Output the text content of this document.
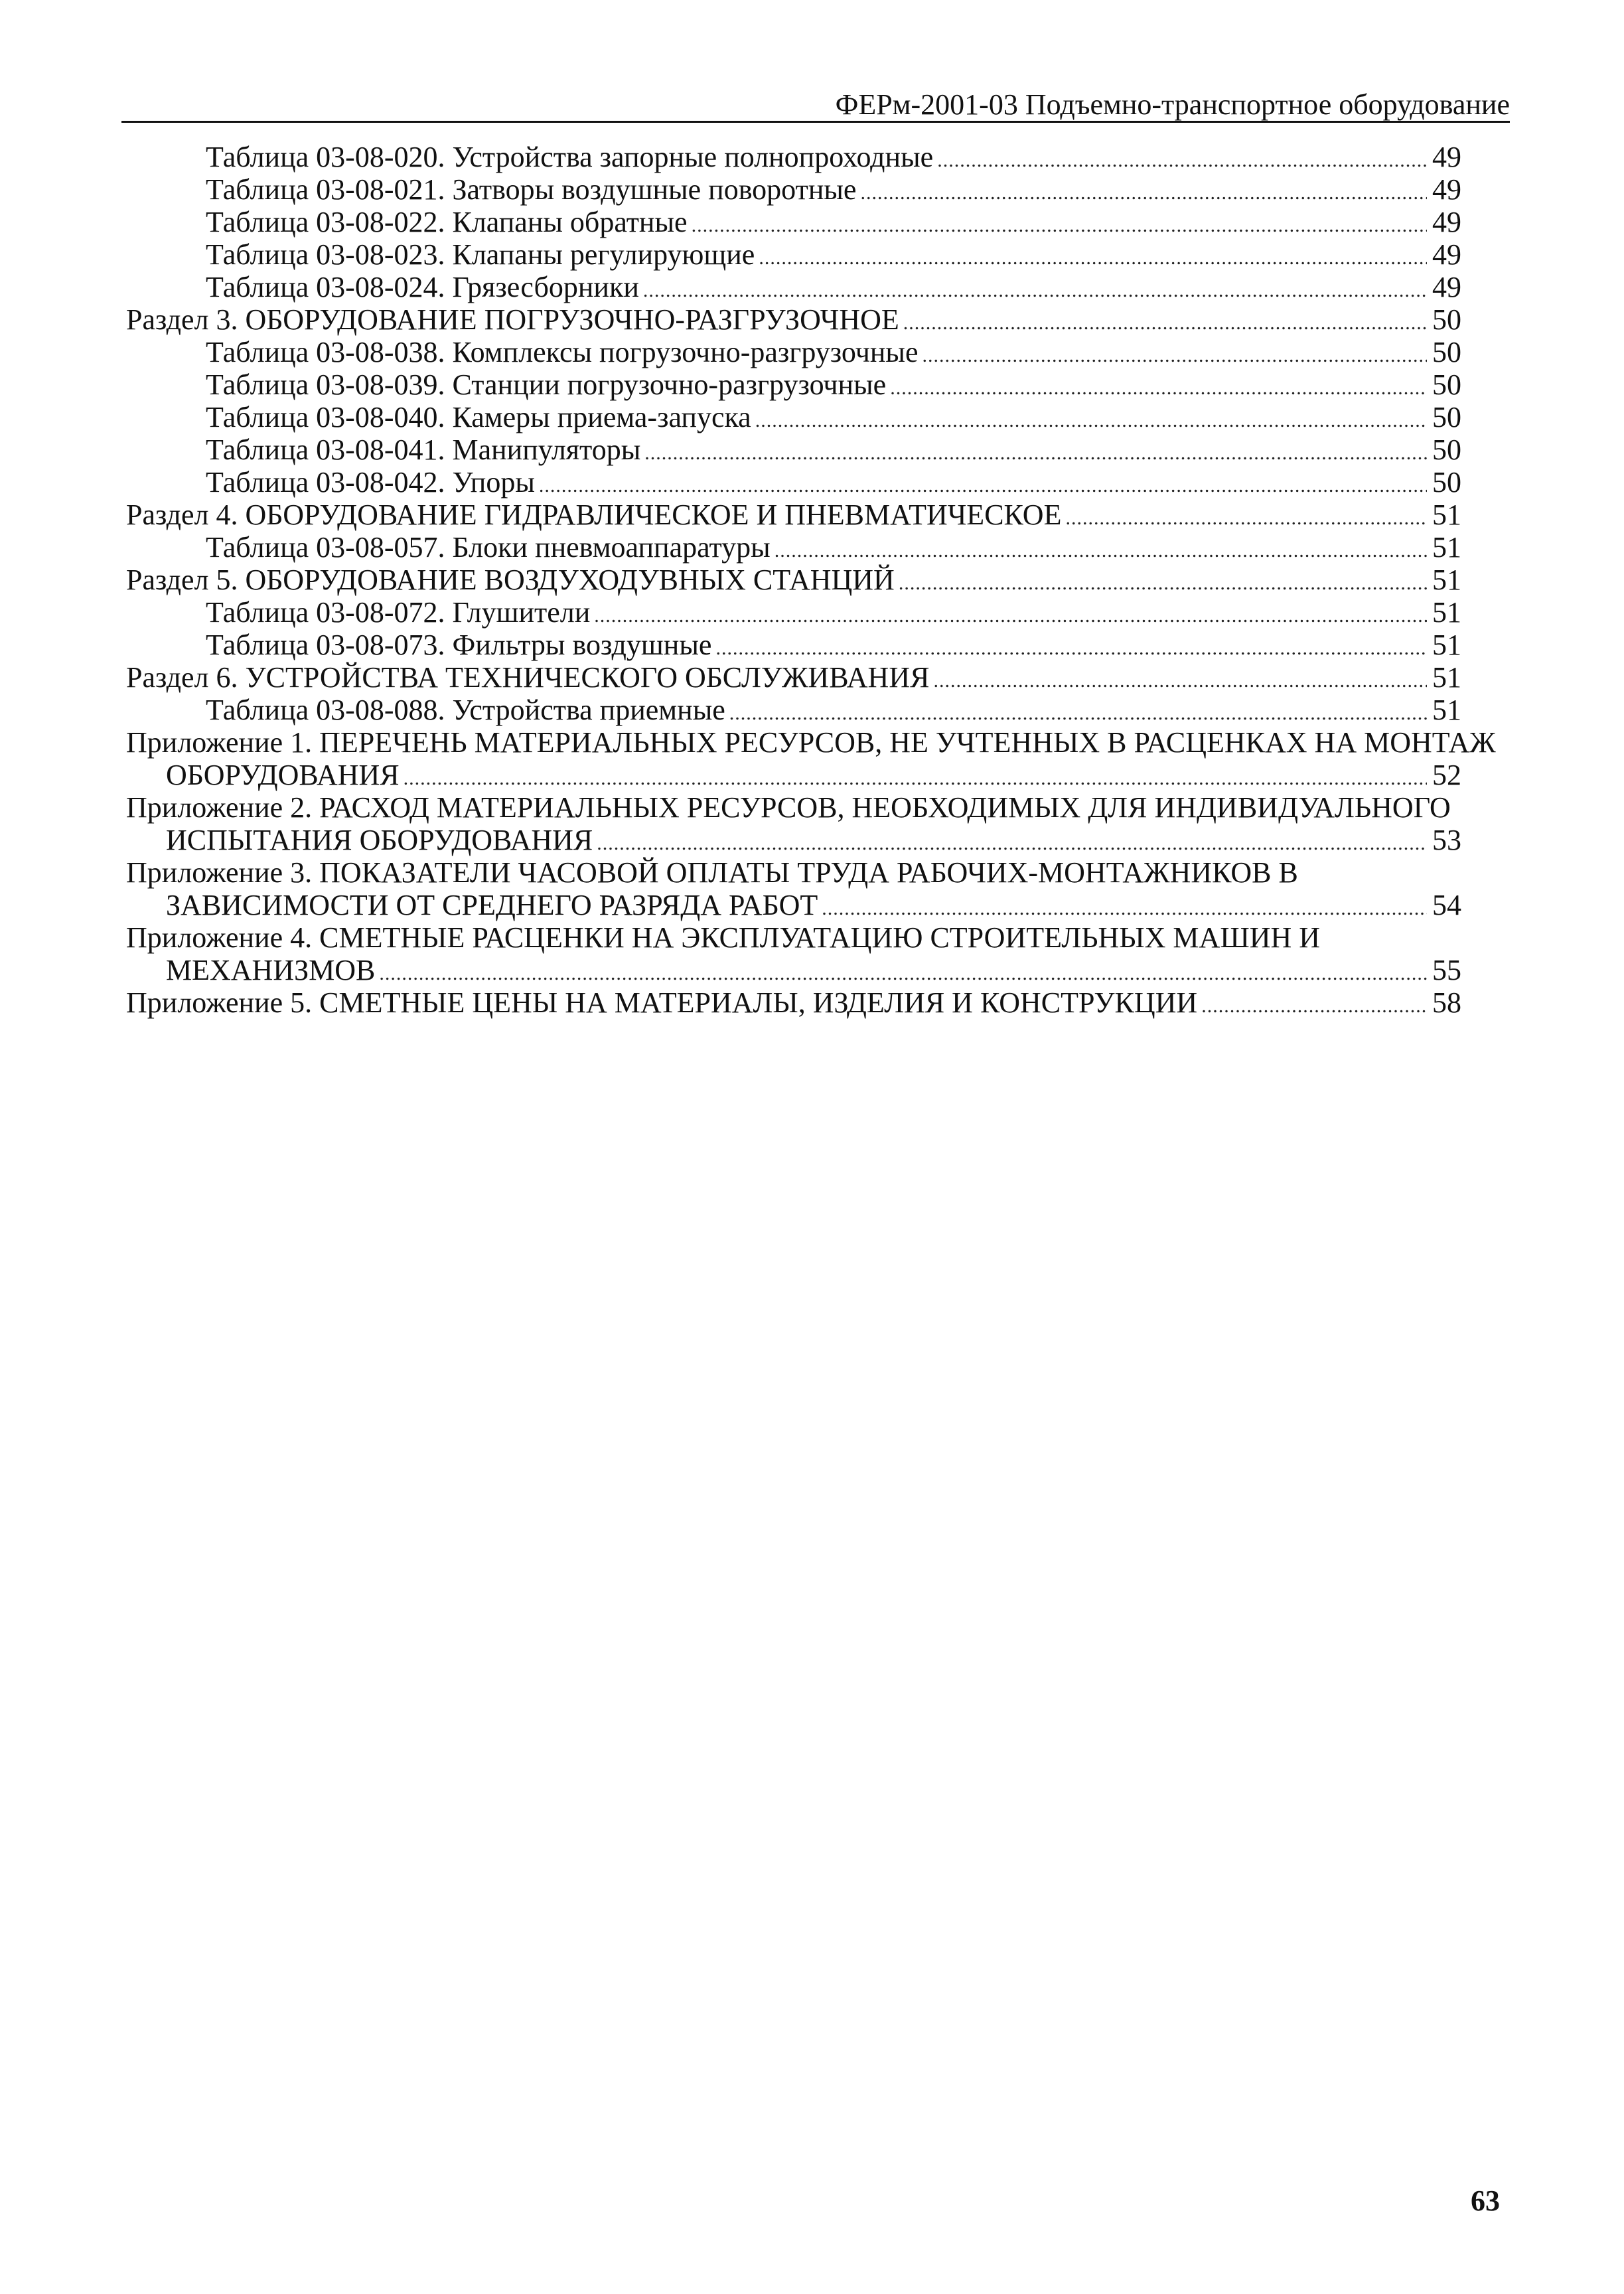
ФЕРм-2001-03 Подъемно-транспортное оборудование
Таблица 03-08-020. Устройства запорные полнопроходные .....	49
Таблица 03-08-021. Затворы воздушные поворотные .....	49
Таблица 03-08-022. Клапаны обратные .....	49
Таблица 03-08-023. Клапаны регулирующие .....	49
Таблица 03-08-024. Грязесборники .....	49
Раздел 3. ОБОРУДОВАНИЕ ПОГРУЗОЧНО-РАЗГРУЗОЧНОЕ .....	50
Таблица 03-08-038. Комплексы погрузочно-разгрузочные .....	50
Таблица 03-08-039. Станции погрузочно-разгрузочные .....	50
Таблица 03-08-040. Камеры приема-запуска .....	50
Таблица 03-08-041. Манипуляторы .....	50
Таблица 03-08-042. Упоры .....	50
Раздел 4. ОБОРУДОВАНИЕ ГИДРАВЛИЧЕСКОЕ И ПНЕВМАТИЧЕСКОЕ .....	51
Таблица 03-08-057. Блоки пневмоаппаратуры .....	51
Раздел 5. ОБОРУДОВАНИЕ ВОЗДУХОДУВНЫХ СТАНЦИЙ .....	51
Таблица 03-08-072. Глушители .....	51
Таблица 03-08-073. Фильтры воздушные .....	51
Раздел 6. УСТРОЙСТВА ТЕХНИЧЕСКОГО ОБСЛУЖИВАНИЯ .....	51
Таблица 03-08-088. Устройства приемные .....	51
Приложение 1. ПЕРЕЧЕНЬ МАТЕРИАЛЬНЫХ РЕСУРСОВ, НЕ УЧТЕННЫХ В РАСЦЕНКАХ НА МОНТАЖ
ОБОРУДОВАНИЯ .....	52
Приложение 2. РАСХОД МАТЕРИАЛЬНЫХ РЕСУРСОВ, НЕОБХОДИМЫХ ДЛЯ ИНДИВИДУАЛЬНОГО
ИСПЫТАНИЯ ОБОРУДОВАНИЯ .....	53
Приложение 3. ПОКАЗАТЕЛИ ЧАСОВОЙ ОПЛАТЫ ТРУДА РАБОЧИХ-МОНТАЖНИКОВ В
ЗАВИСИМОСТИ ОТ СРЕДНЕГО РАЗРЯДА РАБОТ .....	54
Приложение 4. СМЕТНЫЕ РАСЦЕНКИ НА ЭКСПЛУАТАЦИЮ СТРОИТЕЛЬНЫХ МАШИН И
МЕХАНИЗМОВ .....	55
Приложение 5. СМЕТНЫЕ ЦЕНЫ НА МАТЕРИАЛЫ, ИЗДЕЛИЯ И КОНСТРУКЦИИ .....	58
63
